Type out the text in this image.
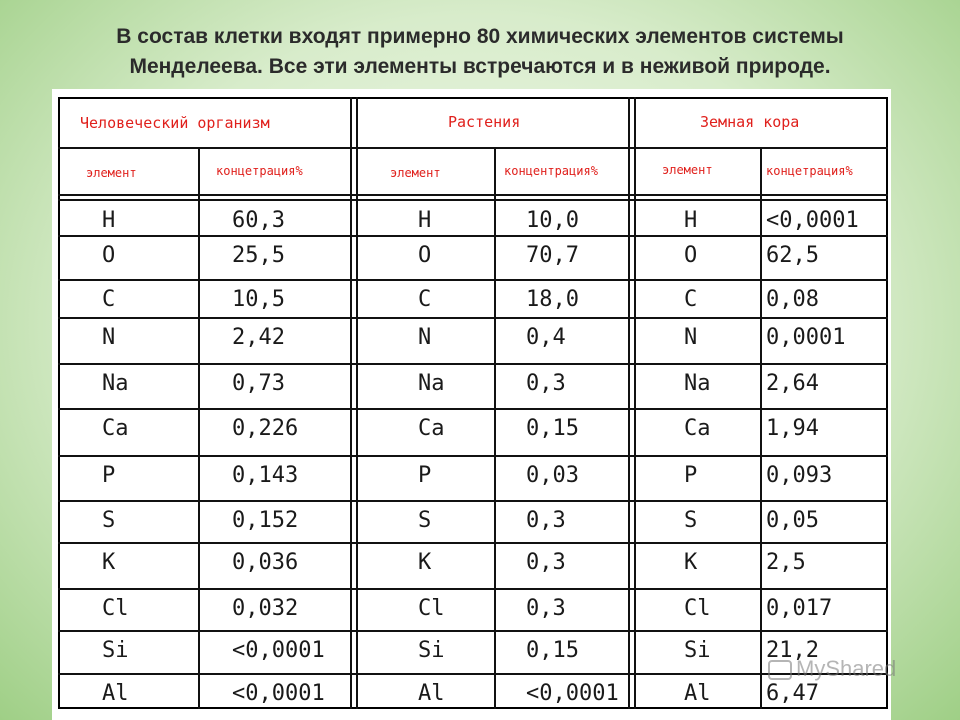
В состав клетки входят примерно 80 химических элементов системы
Менделеева. Все эти элементы встречаются и в неживой природе.
Человеческий организм	Растения	Земная кора
элемент	концетрация%	элемент	концентрация%	элемент	концетрация%
H	60,3	H	10,0	H	<0,0001
O	25,5	O	70,7	O	62,5
C	10,5	C	18,0	C	0,08
N	2,42	N	0,4	N	0,0001
Na	0,73	Na	0,3	Na	2,64
Ca	0,226	Ca	0,15	Ca	1,94
P	0,143	P	0,03	P	0,093
S	0,152	S	0,3	S	0,05
K	0,036	K	0,3	K	2,5
Cl	0,032	Cl	0,3	Cl	0,017
Si	<0,0001	Si	0,15	Si	21,2
Al	<0,0001	Al	<0,0001	Al	6,47
MyShared
